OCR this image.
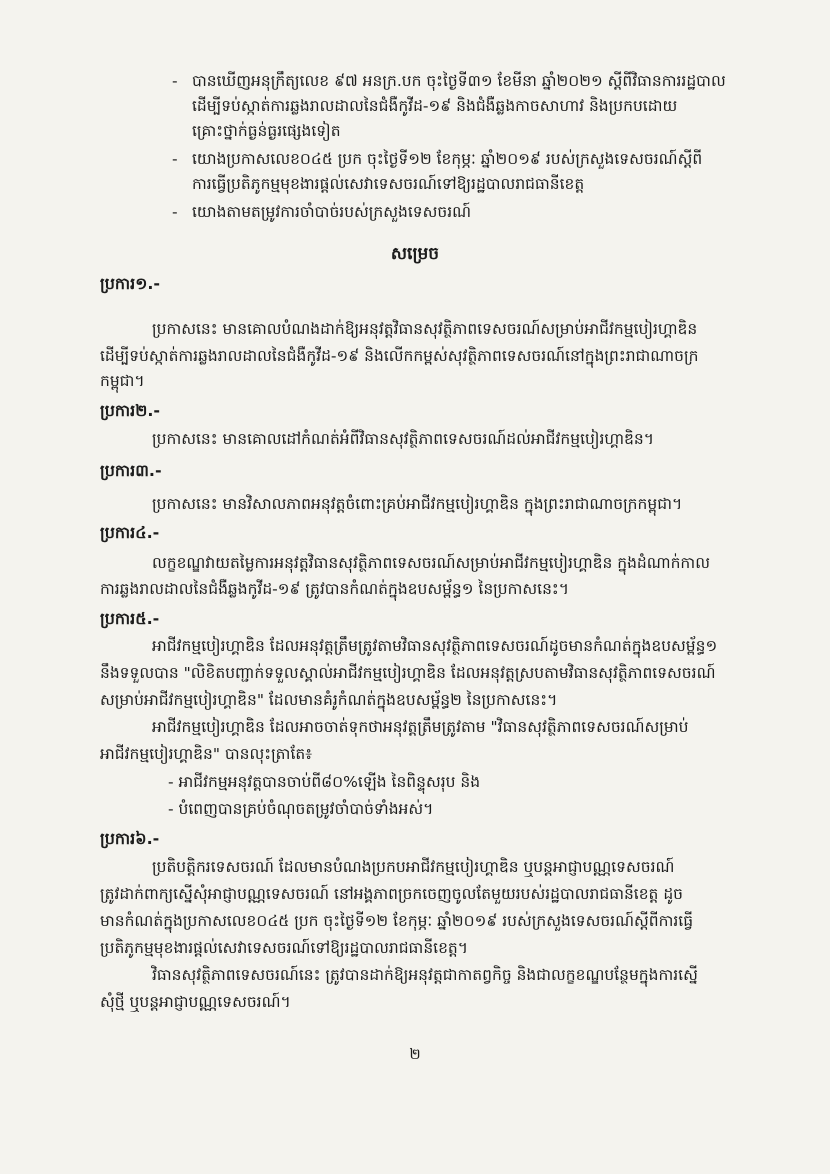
- បានឃើញអនុក្រឹត្យលេខ ៩៧ អនក្រ.បក ចុះថ្ងៃទី៣១ ខែមីនា ឆ្នាំ២០២១ ស្តីពីវិធានការរដ្ឋបាល
ដើម្បីទប់ស្កាត់ការឆ្លងរាលដាលនៃជំងឺកូវីដ-១៩ និងជំងឺឆ្លងកាចសាហាវ និងប្រកបដោយ
គ្រោះថ្នាក់ធ្ងន់ធ្ងរផ្សេងទៀត
- យោងប្រកាសលេខ០៤៥ ប្រក ចុះថ្ងៃទី១២ ខែកុម្ភៈ ឆ្នាំ២០១៩ របស់ក្រសួងទេសចរណ៍ស្តីពី
ការធ្វើប្រតិភូកម្មមុខងារផ្តល់សេវាទេសចរណ៍ទៅឱ្យរដ្ឋបាលរាជធានីខេត្ត
- យោងតាមតម្រូវការចាំបាច់របស់ក្រសួងទេសចរណ៍
សម្រេច
ប្រការ១.-
ប្រកាសនេះ មានគោលបំណងដាក់ឱ្យអនុវត្តវិធានសុវត្ថិភាពទេសចរណ៍សម្រាប់អាជីវកម្មបៀរហ្គាឌិន
ដើម្បីទប់ស្កាត់ការឆ្លងរាលដាលនៃជំងឺកូវីដ-១៩ និងលើកកម្ពស់សុវត្ថិភាពទេសចរណ៍នៅក្នុងព្រះរាជាណាចក្រ
កម្ពុជា។
ប្រការ២.-
ប្រកាសនេះ មានគោលដៅកំណត់អំពីវិធានសុវត្ថិភាពទេសចរណ៍ដល់អាជីវកម្មបៀរហ្គាឌិន។
ប្រការ៣.-
ប្រកាសនេះ មានវិសាលភាពអនុវត្តចំពោះគ្រប់អាជីវកម្មបៀរហ្គាឌិន ក្នុងព្រះរាជាណាចក្រកម្ពុជា។
ប្រការ៤.-
លក្ខខណ្ឌវាយតម្លៃការអនុវត្តវិធានសុវត្ថិភាពទេសចរណ៍សម្រាប់អាជីវកម្មបៀរហ្គាឌិន ក្នុងដំណាក់កាល
ការឆ្លងរាលដាលនៃជំងឺឆ្លងកូវីដ-១៩ ត្រូវបានកំណត់ក្នុងឧបសម្ព័ន្ធ១ នៃប្រកាសនេះ។
ប្រការ៥.-
អាជីវកម្មបៀរហ្គាឌិន ដែលអនុវត្តត្រឹមត្រូវតាមវិធានសុវត្ថិភាពទេសចរណ៍ដូចមានកំណត់ក្នុងឧបសម្ព័ន្ធ១
នឹងទទួលបាន "លិខិតបញ្ជាក់ទទួលស្គាល់អាជីវកម្មបៀរហ្គាឌិន ដែលអនុវត្តស្របតាមវិធានសុវត្ថិភាពទេសចរណ៍
សម្រាប់អាជីវកម្មបៀរហ្គាឌិន" ដែលមានគំរូកំណត់ក្នុងឧបសម្ព័ន្ធ២ នៃប្រកាសនេះ។
អាជីវកម្មបៀរហ្គាឌិន ដែលអាចចាត់ទុកថាអនុវត្តត្រឹមត្រូវតាម "វិធានសុវត្ថិភាពទេសចរណ៍សម្រាប់
អាជីវកម្មបៀរហ្គាឌិន" បានលុះត្រាតែ៖
- អាជីវកម្មអនុវត្តបានចាប់ពី៨០%ឡើង នៃពិន្ទុសរុប និង
- បំពេញបានគ្រប់ចំណុចតម្រូវចាំបាច់ទាំងអស់។
ប្រការ៦.-
ប្រតិបត្តិករទេសចរណ៍ ដែលមានបំណងប្រកបអាជីវកម្មបៀរហ្គាឌិន ឬបន្តអាជ្ញាបណ្ណទេសចរណ៍
ត្រូវដាក់ពាក្យស្នើសុំអាជ្ញាបណ្ណទេសចរណ៍ នៅអង្គភាពច្រកចេញចូលតែមួយរបស់រដ្ឋបាលរាជធានីខេត្ត ដូច
មានកំណត់ក្នុងប្រកាសលេខ០៤៥ ប្រក ចុះថ្ងៃទី១២ ខែកុម្ភៈ ឆ្នាំ២០១៩ របស់ក្រសួងទេសចរណ៍ស្តីពីការធ្វើ
ប្រតិភូកម្មមុខងារផ្តល់សេវាទេសចរណ៍ទៅឱ្យរដ្ឋបាលរាជធានីខេត្ត។
វិធានសុវត្ថិភាពទេសចរណ៍នេះ ត្រូវបានដាក់ឱ្យអនុវត្តជាកាតព្វកិច្ច និងជាលក្ខខណ្ឌបន្ថែមក្នុងការស្នើ
សុំថ្មី ឬបន្តអាជ្ញាបណ្ណទេសចរណ៍។
២
